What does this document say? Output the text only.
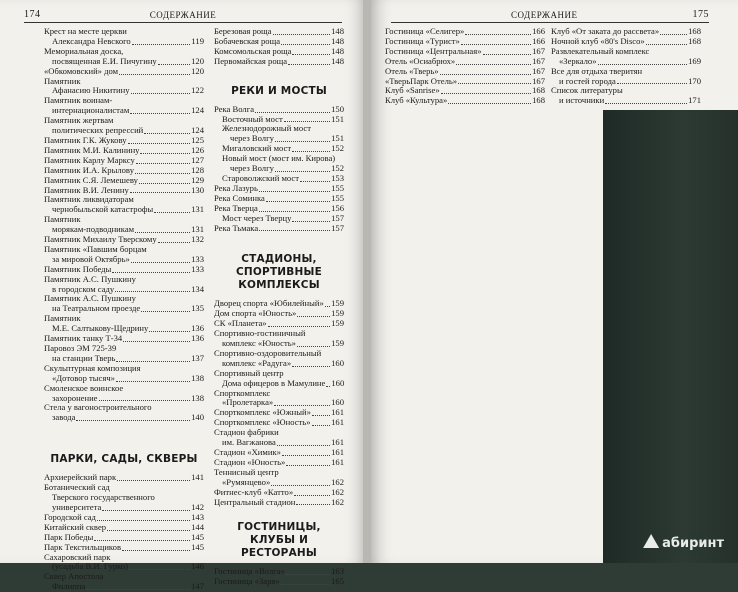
174	СОДЕРЖАНИЕ
Крест на месте церкви
Александра Невского	119
Мемориальная доска,
посвященная Е.И. Пичугину	120
«Обкомовский» дом	120
Памятник
Афанасию Никитину	122
Памятник воинам-
интернационалистам	124
Памятник жертвам
политических репрессий	124
Памятник Г.К. Жукову	125
Памятник М.И. Калинину	126
Памятник Карлу Марксу	127
Памятник И.А. Крылову	128
Памятник С.Я. Лемешеву	129
Памятник В.И. Ленину	130
Памятник ликвидаторам
чернобыльской катастрофы	131
Памятник
морякам-подводникам	131
Памятник Михаилу Тверскому	132
Памятник «Павшим борцам
за мировой Октябрь»	133
Памятник Победы	133
Памятник А.С. Пушкину
в городском саду	134
Памятник А.С. Пушкину
на Театральном проезде	135
Памятник
М.Е. Салтыкову-Щедрину	136
Памятник танку Т-34	136
Паровоз ЭМ 725-39
на станции Тверь	137
Скульптурная композиция
«Дотовор тысяч»	138
Смоленское воинское
захоронение	138
Стела у вагоностроительного
завода	140
ПАРКИ, САДЫ, СКВЕРЫ
Архиерейский парк	141
Ботанический сад
Тверского государственного
университета	142
Городской сад	143
Китайский сквер	144
Парк Победы	145
Парк Текстильщиков	145
Сахаровский парк
(усадьба В.И. Гурко)	146
Сквер Апостола
Филиппа	147
Березовая роща	148
Бобачевская роща	148
Комсомольская роща	148
Первомайская роща	148
РЕКИ И МОСТЫ
Река Волга	150
Восточный мост	151
Железнодорожный мост
через Волгу	151
Мигаловский мост	152
Новый мост (мост им. Кирова)
через Волгу	152
Староволжский мост	153
Река Лазурь	155
Река Соминка	155
Река Тверца	156
Мост через Тверцу	157
Река Тьмака	157
СТАДИОНЫ, СПОРТИВНЫЕ КОМПЛЕКСЫ
Дворец спорта «Юбилейный» 159
Дом спорта «Юность»	159
СК «Планета»	159
Спортивно-гостиничный
комплекс «Юность»	159
Спортивно-оздоровительный
комплекс «Радуга»	160
Спортивный центр
Дома офицеров в Мамулине 160
Спорткомплекс
«Пролетарка»	160
Спорткомплекс «Южный» 161
Спорткомплекс «Юность» 161
Стадион фабрики
им. Вагжанова	161
Стадион «Химик»	161
Стадион «Юность»	161
Теннисный центр
«Румянцево»	162
Фитнес-клуб «Катто»	162
Центральный стадион	162
ГОСТИНИЦЫ, КЛУБЫ И РЕСТОРАНЫ
Гостиница «Волга»	163
Гостиница «Заря»	165
СОДЕРЖАНИЕ	175
Гостиница «Селигер»	166
Гостиница «Турист»	166
Гостиница «Центральная»	167
Отель «Осиабрюх»	167
Отель «Тверь»	167
«ТверьПарк Отель»	167
Клуб «Sanrise»	168
Клуб «Культура»	168
Клуб «От заката до рассвета»	168
Ночной клуб «80's Disco»	168
Развлекательный комплекс
«Зеркало»	169
Все для отдыха тверитян
и гостей города	170
Список литературы
и источники	171
абиринт
